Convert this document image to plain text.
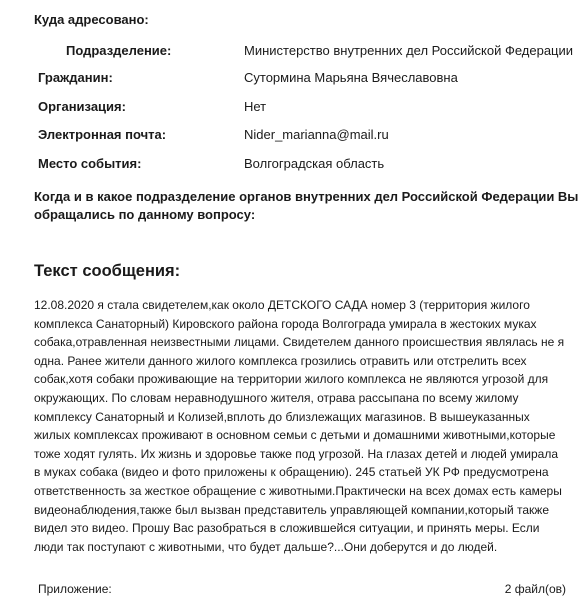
Куда адресовано:
Подразделение:	Министерство внутренних дел Российской Федерации
Гражданин:	Сутормина Марьяна Вячеславовна
Организация:	Нет
Электронная почта:	Nider_marianna@mail.ru
Место события:	Волгоградская область
Когда и в какое подразделение органов внутренних дел Российской Федерации Вы
обращались по данному вопросу:
Текст сообщения:
12.08.2020 я стала свидетелем,как около ДЕТСКОГО САДА номер 3 (территория жилого
комплекса Санаторный) Кировского района города Волгограда умирала в жестоких муках
собака,отравленная неизвестными лицами. Свидетелем данного происшествия являлась не я
одна. Ранее жители данного жилого комплекса грозились отравить или отстрелить всех
собак,хотя собаки проживающие на территории жилого комплекса не являются угрозой для
окружающих. По словам неравнодушного жителя, отрава рассыпана по всему жилому
комплексу Санаторный и Колизей,вплоть до близлежащих магазинов. В вышеуказанных
жилых комплексах проживают в основном семьи с детьми и домашними животными,которые
тоже ходят гулять. Их жизнь и здоровье также под угрозой. На глазах детей и людей умирала
в муках собака (видео и фото приложены к обращению). 245 статьей УК РФ предусмотрена
ответственность за жесткое обращение с животными.Практически на всех домах есть камеры
видеонаблюдения,также был вызван представитель управляющей компании,который также
видел это видео. Прошу Вас разобраться в сложившейся ситуации, и принять меры. Если
люди так поступают с животными, что будет дальше?...Они доберутся и до людей.
Приложение:	2 файл(ов)
